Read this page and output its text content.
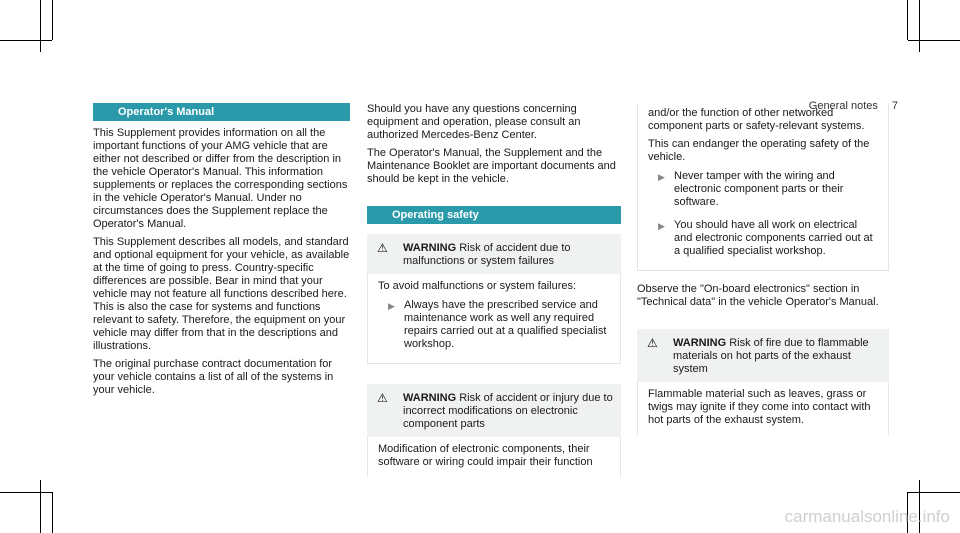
General notes 7
Operator's Manual

This Supplement provides information on all the important functions of your AMG vehicle that are either not described or differ from the description in the vehicle Operator's Manual. This information supplements or replaces the corresponding sections in the vehicle Operator's Manual. Under no circumstances does the Supplement replace the Operator's Manual.

This Supplement describes all models, and standard and optional equipment for your vehicle, as available at the time of going to press. Country-specific differences are possible. Bear in mind that your vehicle may not feature all functions described here. This is also the case for systems and functions relevant to safety. Therefore, the equipment on your vehicle may differ from that in the descriptions and illustrations.

The original purchase contract documentation for your vehicle contains a list of all of the systems in your vehicle.

Should you have any questions concerning equipment and operation, please consult an authorized Mercedes-Benz Center.

The Operator's Manual, the Supplement and the Maintenance Booklet are important documents and should be kept in the vehicle.

Operating safety
⚠ WARNING Risk of accident due to malfunctions or system failures
To avoid malfunctions or system failures:
▶ Always have the prescribed service and maintenance work as well any required repairs carried out at a qualified specialist workshop.
⚠ WARNING Risk of accident or injury due to incorrect modifications on electronic component parts
Modification of electronic components, their software or wiring could impair their function

and/or the function of other networked component parts or safety-relevant systems.

This can endanger the operating safety of the vehicle.

▶ Never tamper with the wiring and electronic component parts or their software.
▶ You should have all work on electrical and electronic components carried out at a qualified specialist workshop.

Observe the "On-board electronics" section in "Technical data" in the vehicle Operator's Manual.

⚠ WARNING Risk of fire due to flammable materials on hot parts of the exhaust system
Flammable material such as leaves, grass or twigs may ignite if they come into contact with hot parts of the exhaust system.
carmanualsonline.info
